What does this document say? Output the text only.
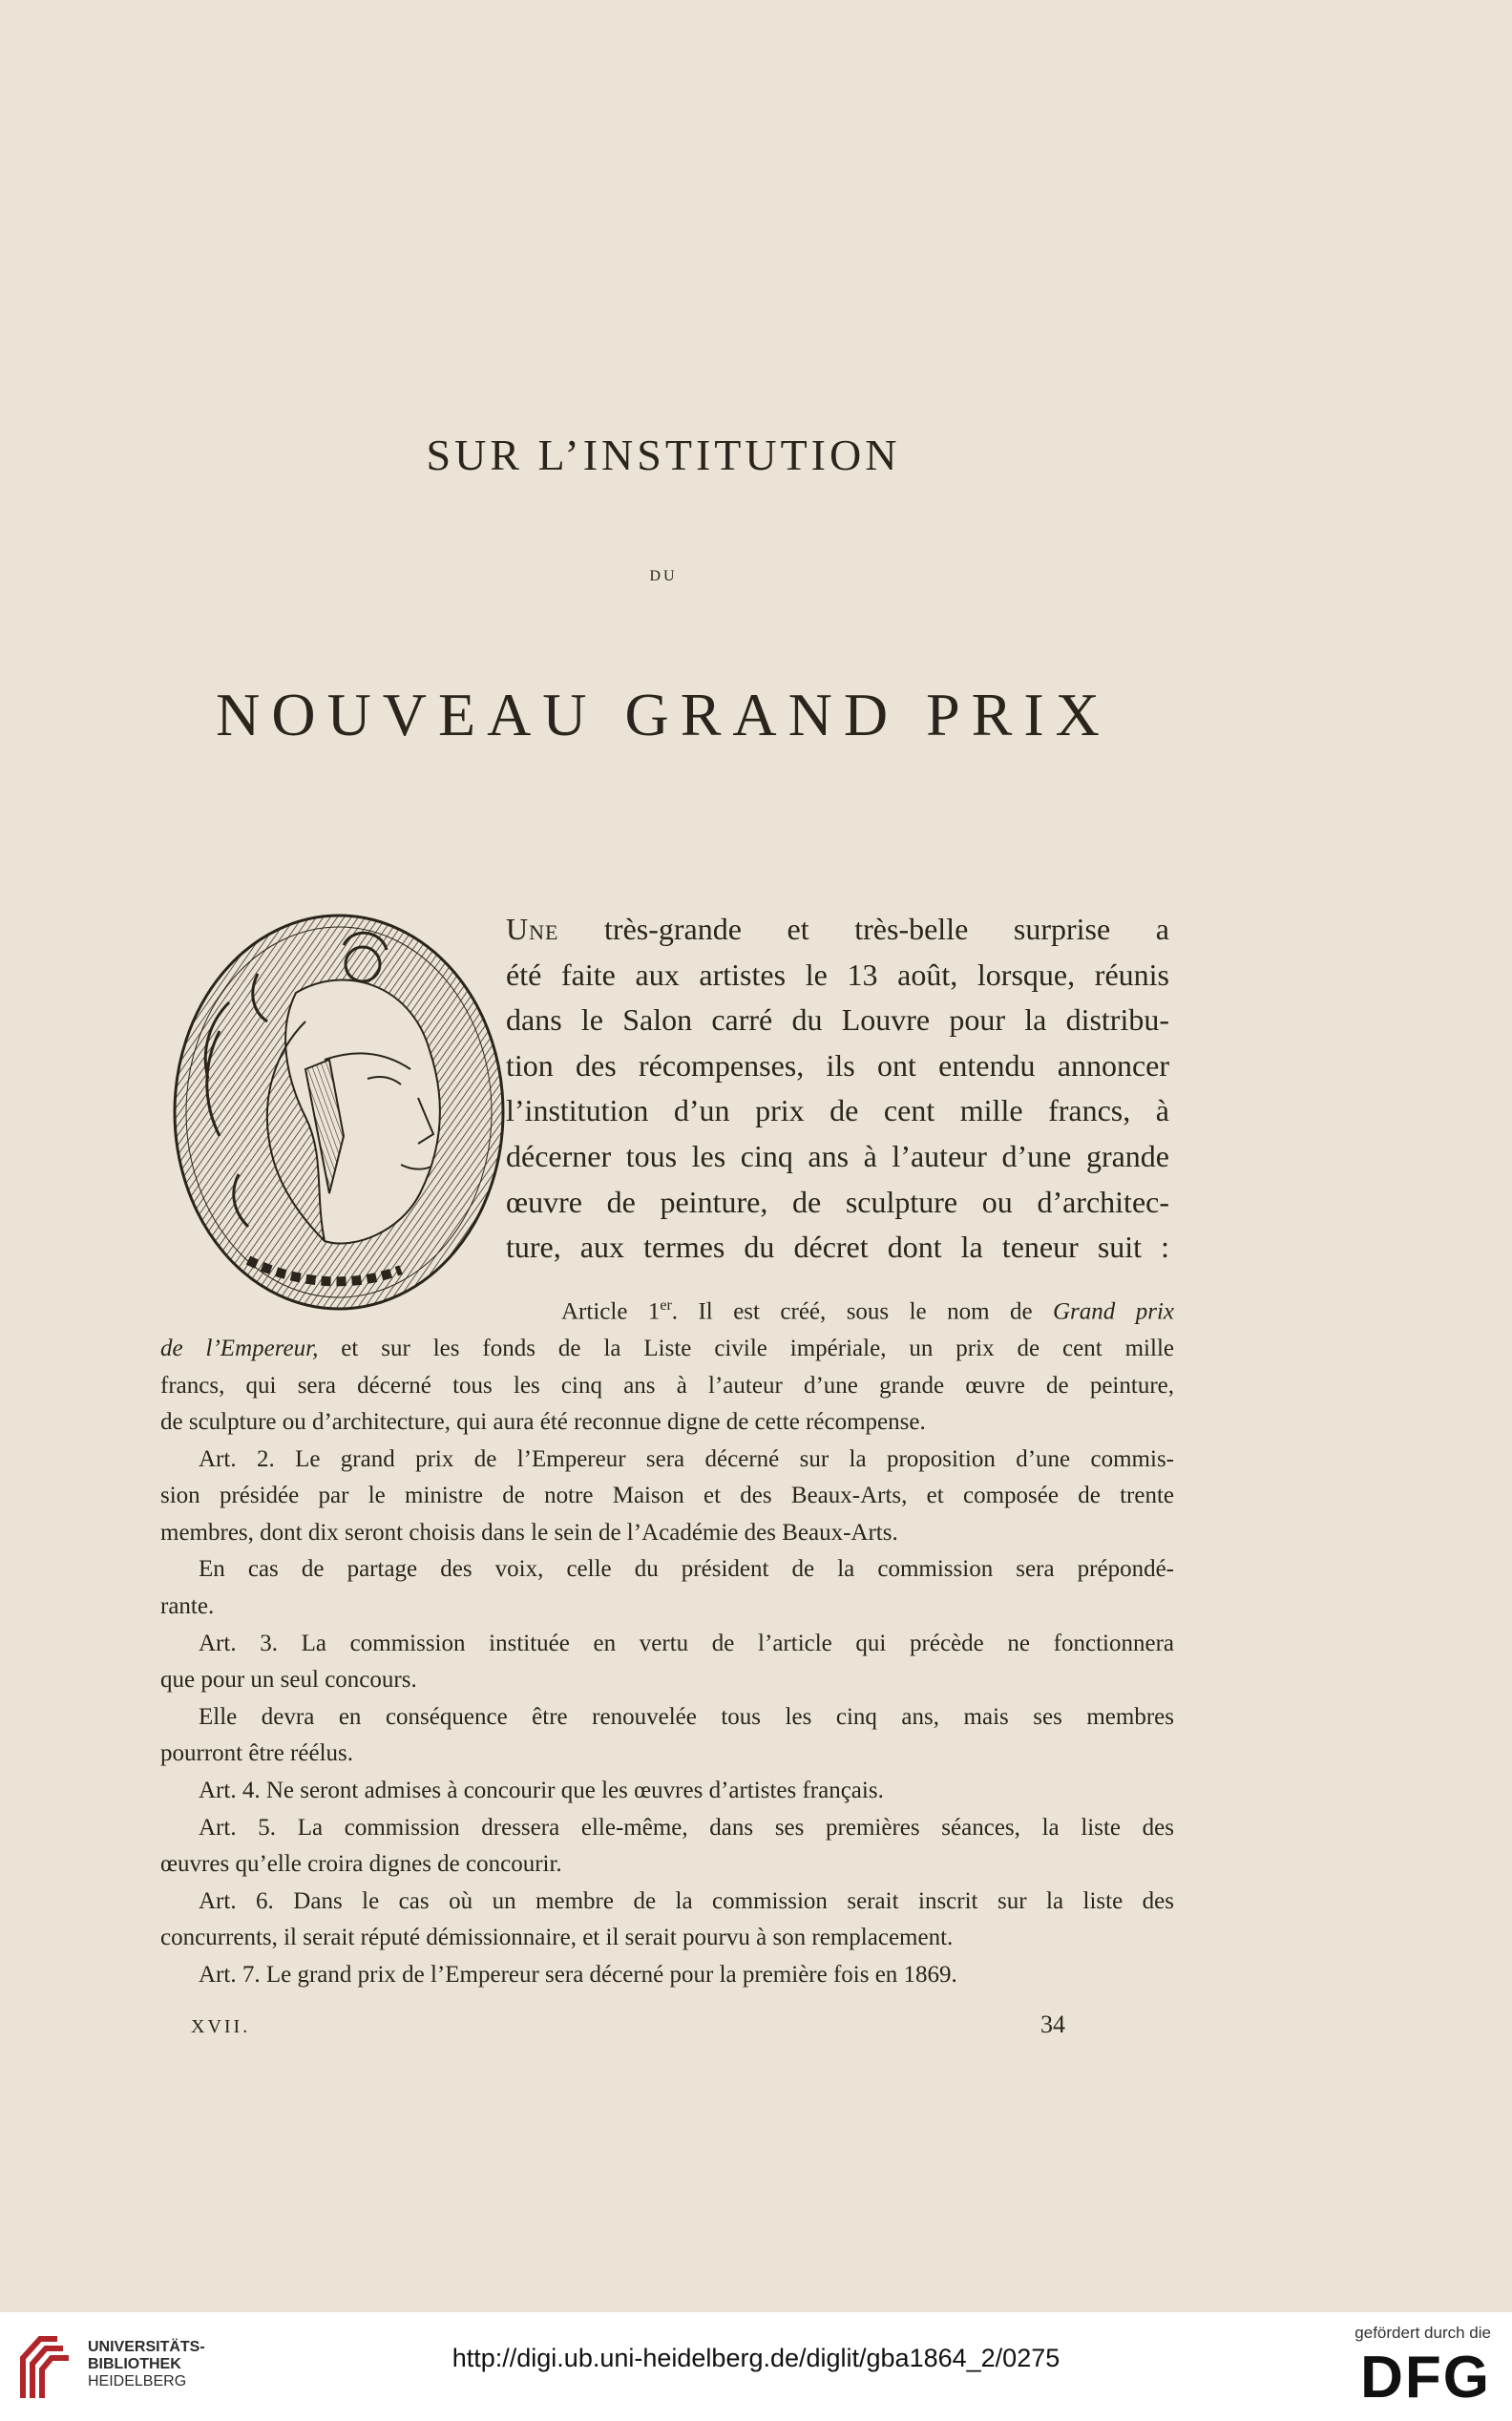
SUR L’INSTITUTION
DU
NOUVEAU GRAND PRIX
Une très-grande et très-belle surprise a
été faite aux artistes le 13 août, lorsque, réunis
dans le Salon carré du Louvre pour la distribu-
tion des récompenses, ils ont entendu annoncer
l’institution d’un prix de cent mille francs, à
décerner tous les cinq ans à l’auteur d’une grande
œuvre de peinture, de sculpture ou d’architec-
ture, aux termes du décret dont la teneur suit :
Article 1er. Il est créé, sous le nom de Grand prix
de l’Empereur, et sur les fonds de la Liste civile impériale, un prix de cent mille
francs, qui sera décerné tous les cinq ans à l’auteur d’une grande œuvre de peinture,
de sculpture ou d’architecture, qui aura été reconnue digne de cette récompense.
Art. 2. Le grand prix de l’Empereur sera décerné sur la proposition d’une commis-
sion présidée par le ministre de notre Maison et des Beaux-Arts, et composée de trente
membres, dont dix seront choisis dans le sein de l’Académie des Beaux-Arts.
En cas de partage des voix, celle du président de la commission sera prépondé-
rante.
Art. 3. La commission instituée en vertu de l’article qui précède ne fonctionnera
que pour un seul concours.
Elle devra en conséquence être renouvelée tous les cinq ans, mais ses membres
pourront être réélus.
Art. 4. Ne seront admises à concourir que les œuvres d’artistes français.
Art. 5. La commission dressera elle-même, dans ses premières séances, la liste des
œuvres qu’elle croira dignes de concourir.
Art. 6. Dans le cas où un membre de la commission serait inscrit sur la liste des
concurrents, il serait réputé démissionnaire, et il serait pourvu à son remplacement.
Art. 7. Le grand prix de l’Empereur sera décerné pour la première fois en 1869.
XVII.	34
UNIVERSITÄTS-
BIBLIOTHEK
HEIDELBERG
http://digi.ub.uni-heidelberg.de/diglit/gba1864_2/0275
gefördert durch die
DFG
